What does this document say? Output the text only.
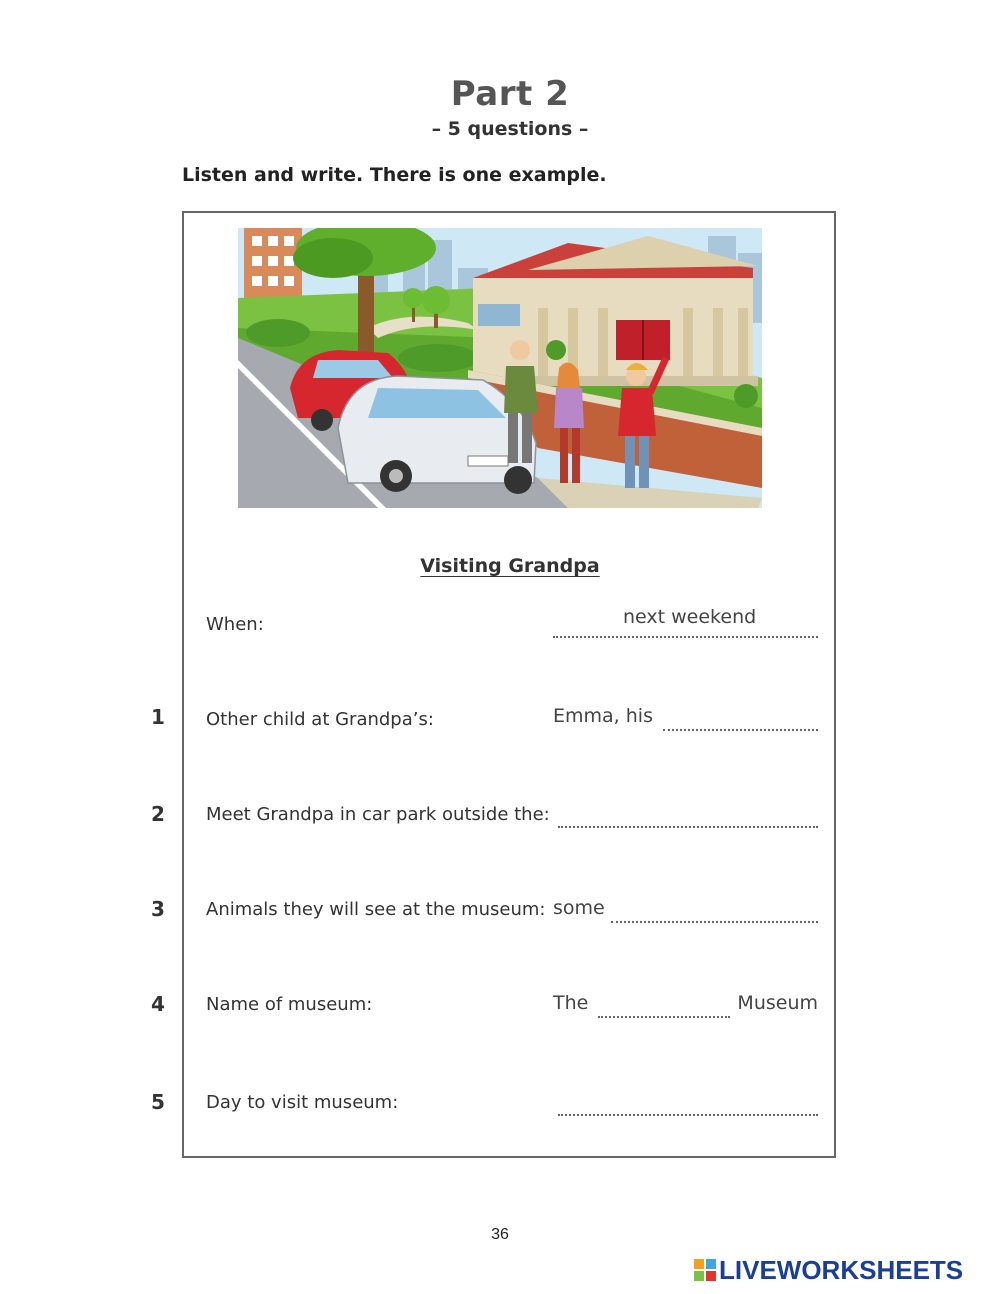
Part 2
– 5 questions –
Listen and write. There is one example.
Visiting Grandpa
When:	next weekend
1 Other child at Grandpa’s:	Emma, his
2 Meet Grandpa in car park outside the:
3 Animals they will see at the museum: some
4 Name of museum:	The	Museum
5 Day to visit museum:
36
LIVEWORKSHEETS
